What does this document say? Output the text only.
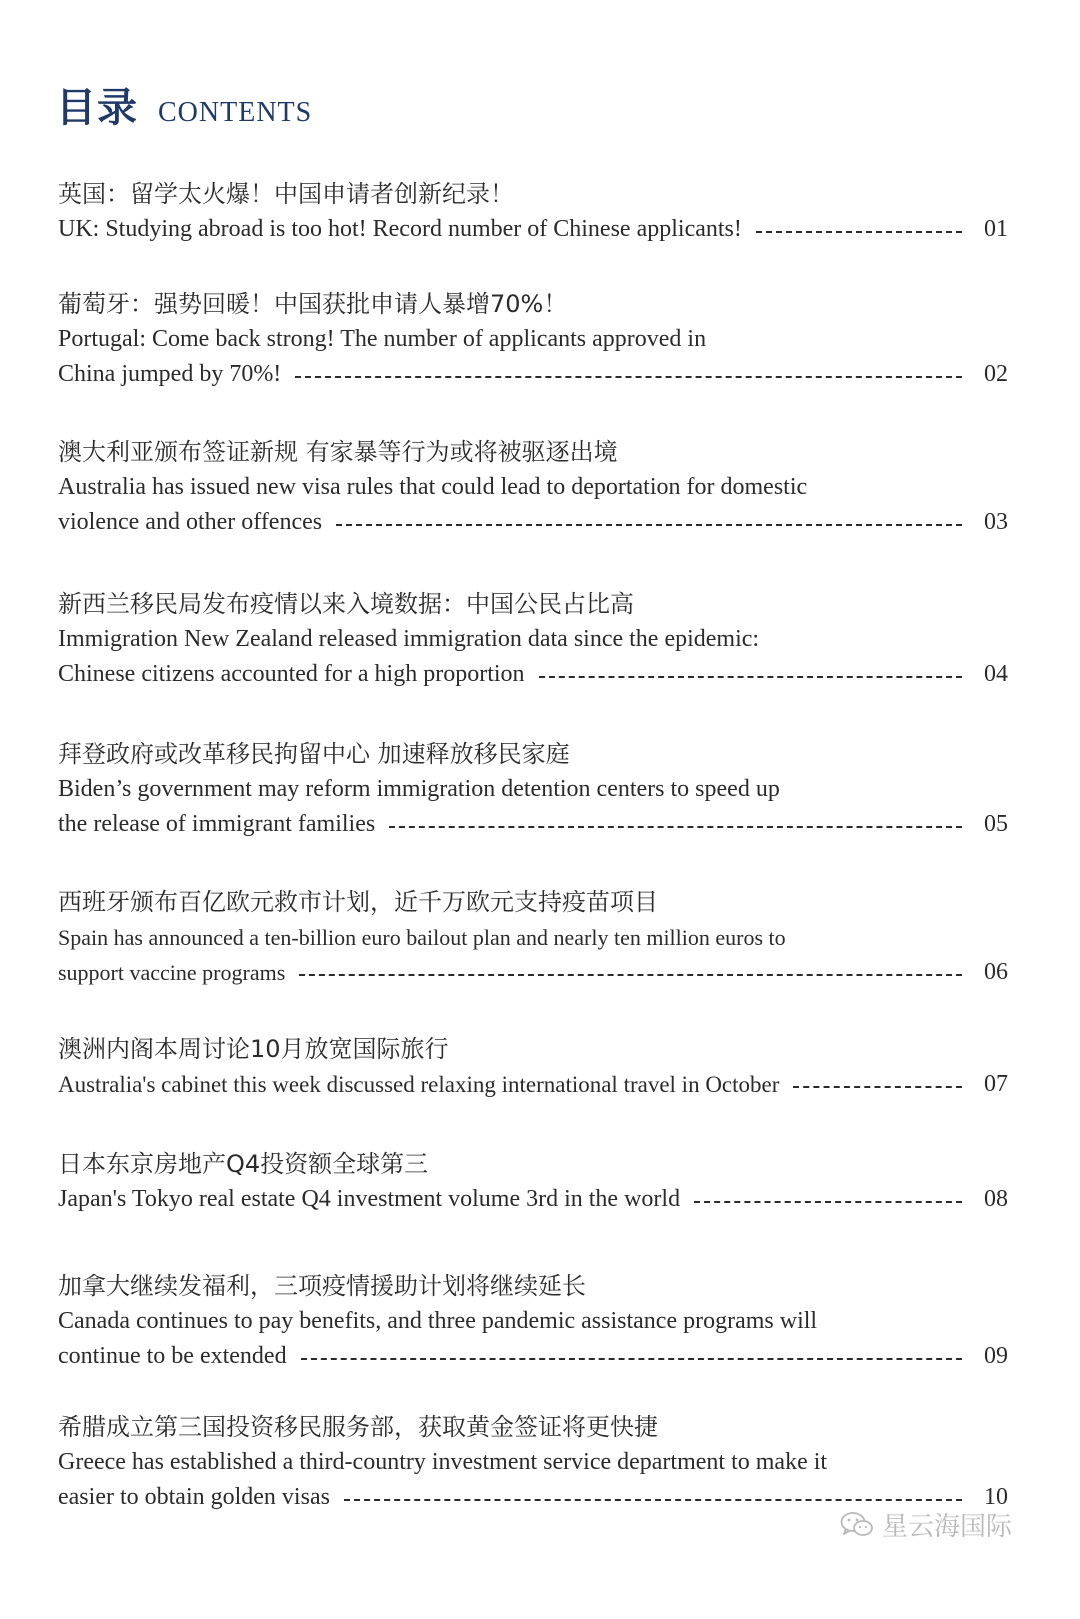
目录 CONTENTS
英国：留学太火爆！中国申请者创新纪录！
UK: Studying abroad is too hot! Record number of Chinese applicants!	01
葡萄牙：强势回暖！中国获批申请人暴增70%！
Portugal: Come back strong! The number of applicants approved in
China jumped by 70%!	02
澳大利亚颁布签证新规 有家暴等行为或将被驱逐出境
Australia has issued new visa rules that could lead to deportation for domestic
violence and other offences	03
新西兰移民局发布疫情以来入境数据：中国公民占比高
Immigration New Zealand released immigration data since the epidemic:
Chinese citizens accounted for a high proportion	04
拜登政府或改革移民拘留中心 加速释放移民家庭
Biden’s government may reform immigration detention centers to speed up
the release of immigrant families	05
西班牙颁布百亿欧元救市计划，近千万欧元支持疫苗项目
Spain has announced a ten-billion euro bailout plan and nearly ten million euros to
support vaccine programs	06
澳洲内阁本周讨论10月放宽国际旅行
Australia's cabinet this week discussed relaxing international travel in October	07
日本东京房地产Q4投资额全球第三
Japan's Tokyo real estate Q4 investment volume 3rd in the world	08
加拿大继续发福利，三项疫情援助计划将继续延长
Canada continues to pay benefits, and three pandemic assistance programs will
continue to be extended	09
希腊成立第三国投资移民服务部，获取黄金签证将更快捷
Greece has established a third-country investment service department to make it
easier to obtain golden visas	10
星云海国际
